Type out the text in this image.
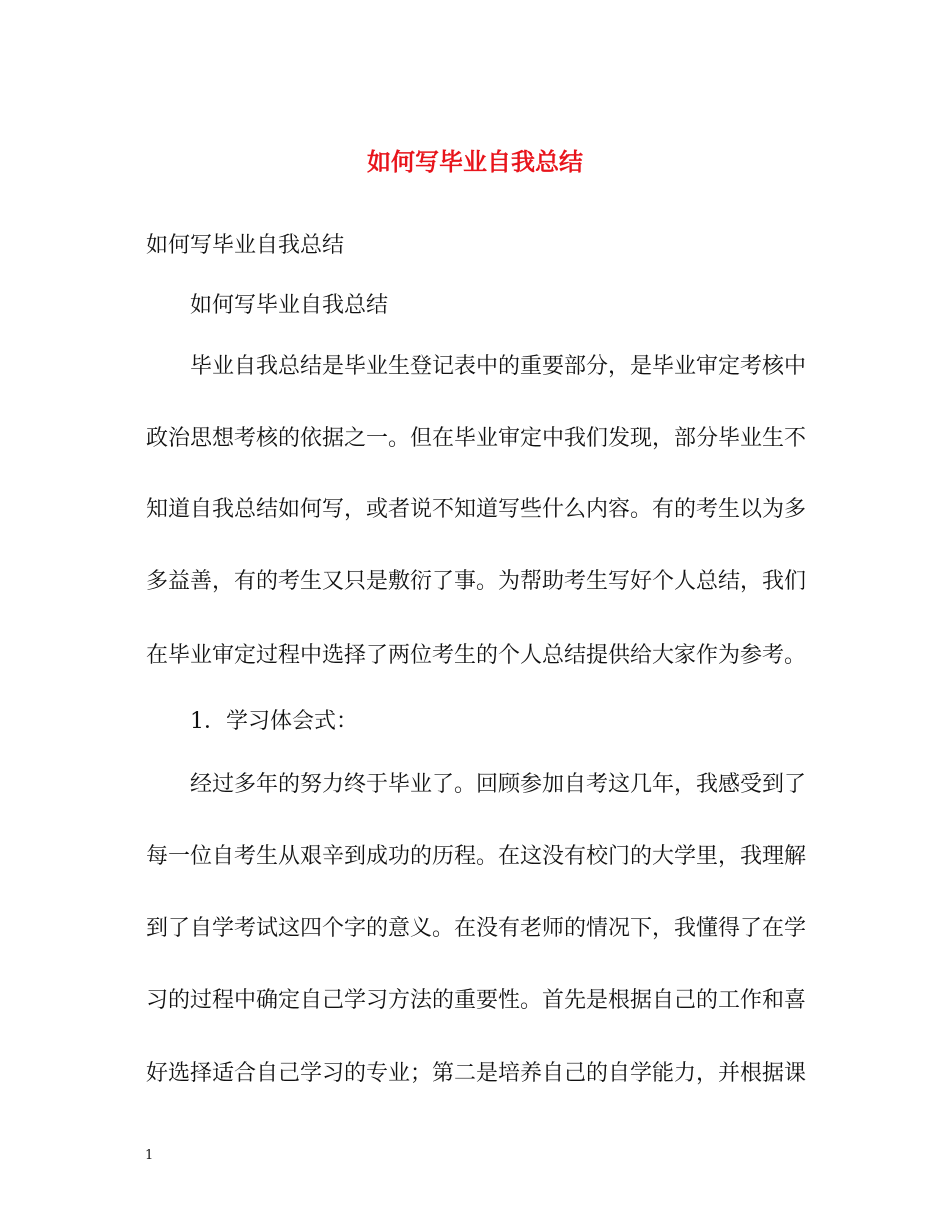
如何写毕业自我总结

如何写毕业自我总结

如何写毕业自我总结

毕业自我总结是毕业生登记表中的重要部分，是毕业审定考核中

政治思想考核的依据之一。但在毕业审定中我们发现，部分毕业生不

知道自我总结如何写，或者说不知道写些什么内容。有的考生以为多

多益善，有的考生又只是敷衍了事。为帮助考生写好个人总结，我们

在毕业审定过程中选择了两位考生的个人总结提供给大家作为参考。

1．学习体会式：

经过多年的努力终于毕业了。回顾参加自考这几年，我感受到了

每一位自考生从艰辛到成功的历程。在这没有校门的大学里，我理解

到了自学考试这四个字的意义。在没有老师的情况下，我懂得了在学

习的过程中确定自己学习方法的重要性。首先是根据自己的工作和喜

好选择适合自己学习的专业；第二是培养自己的自学能力，并根据课

1
